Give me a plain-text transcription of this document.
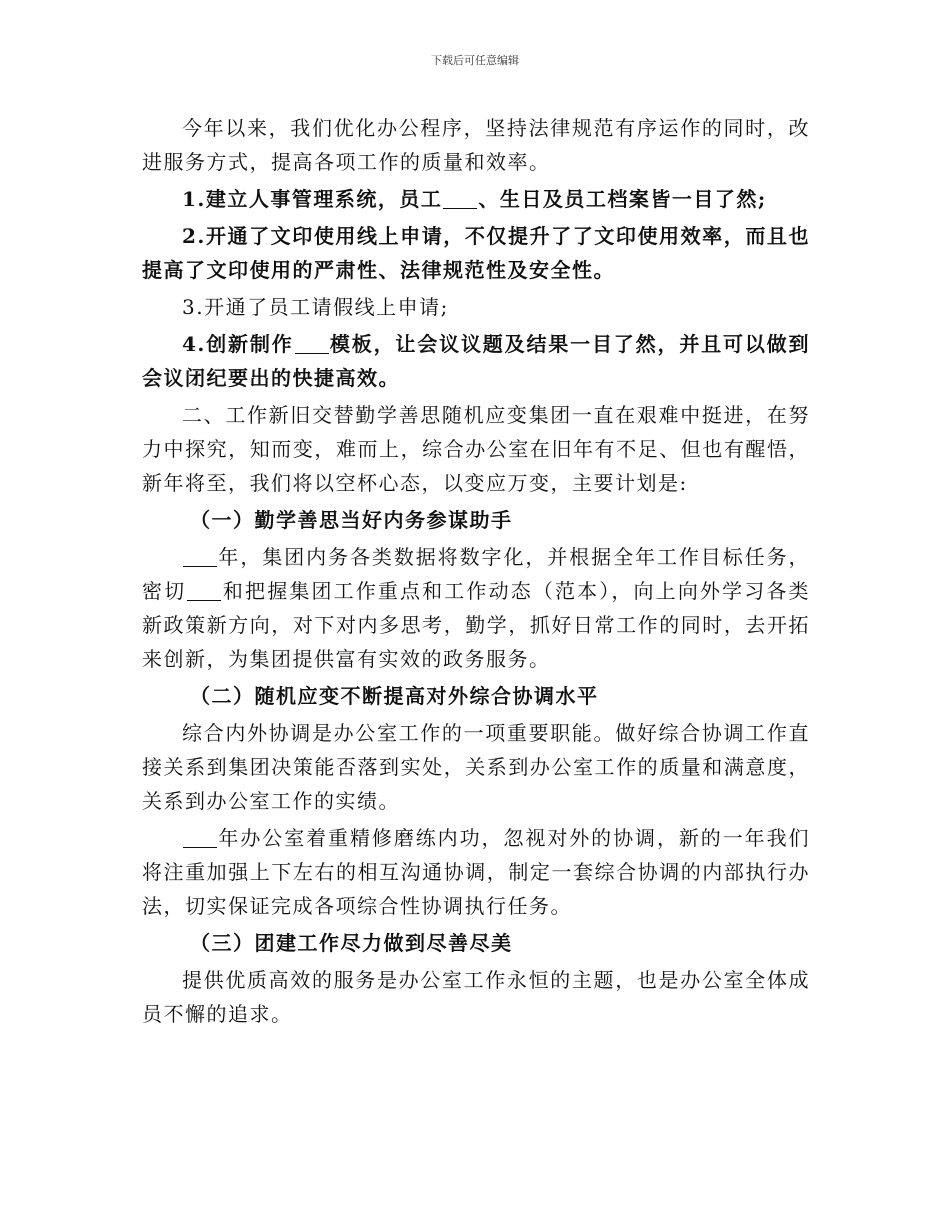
下载后可任意编辑

今年以来，我们优化办公程序，坚持法律规范有序运作的同时，改进服务方式，提高各项工作的质量和效率。

1.建立人事管理系统，员工 、生日及员工档案皆一目了然;

2.开通了文印使用线上申请，不仅提升了了文印使用效率，而且也提高了文印使用的严肃性、法律规范性及安全性。

3.开通了员工请假线上申请;

4.创新制作 模板，让会议议题及结果一目了然，并且可以做到会议闭纪要出的快捷高效。

二、工作新旧交替勤学善思随机应变集团一直在艰难中挺进，在努力中探究，知而变，难而上，综合办公室在旧年有不足、但也有醒悟，新年将至，我们将以空杯心态，以变应万变，主要计划是:

（一）勤学善思当好内务参谋助手

年，集团内务各类数据将数字化，并根据全年工作目标任务，密切 和把握集团工作重点和工作动态（范本），向上向外学习各类新政策新方向，对下对内多思考，勤学，抓好日常工作的同时，去开拓来创新，为集团提供富有实效的政务服务。

（二）随机应变不断提高对外综合协调水平

综合内外协调是办公室工作的一项重要职能。做好综合协调工作直接关系到集团决策能否落到实处，关系到办公室工作的质量和满意度，关系到办公室工作的实绩。

年办公室着重精修磨练内功，忽视对外的协调，新的一年我们将注重加强上下左右的相互沟通协调，制定一套综合协调的内部执行办法，切实保证完成各项综合性协调执行任务。

（三）团建工作尽力做到尽善尽美

提供优质高效的服务是办公室工作永恒的主题，也是办公室全体成员不懈的追求。
